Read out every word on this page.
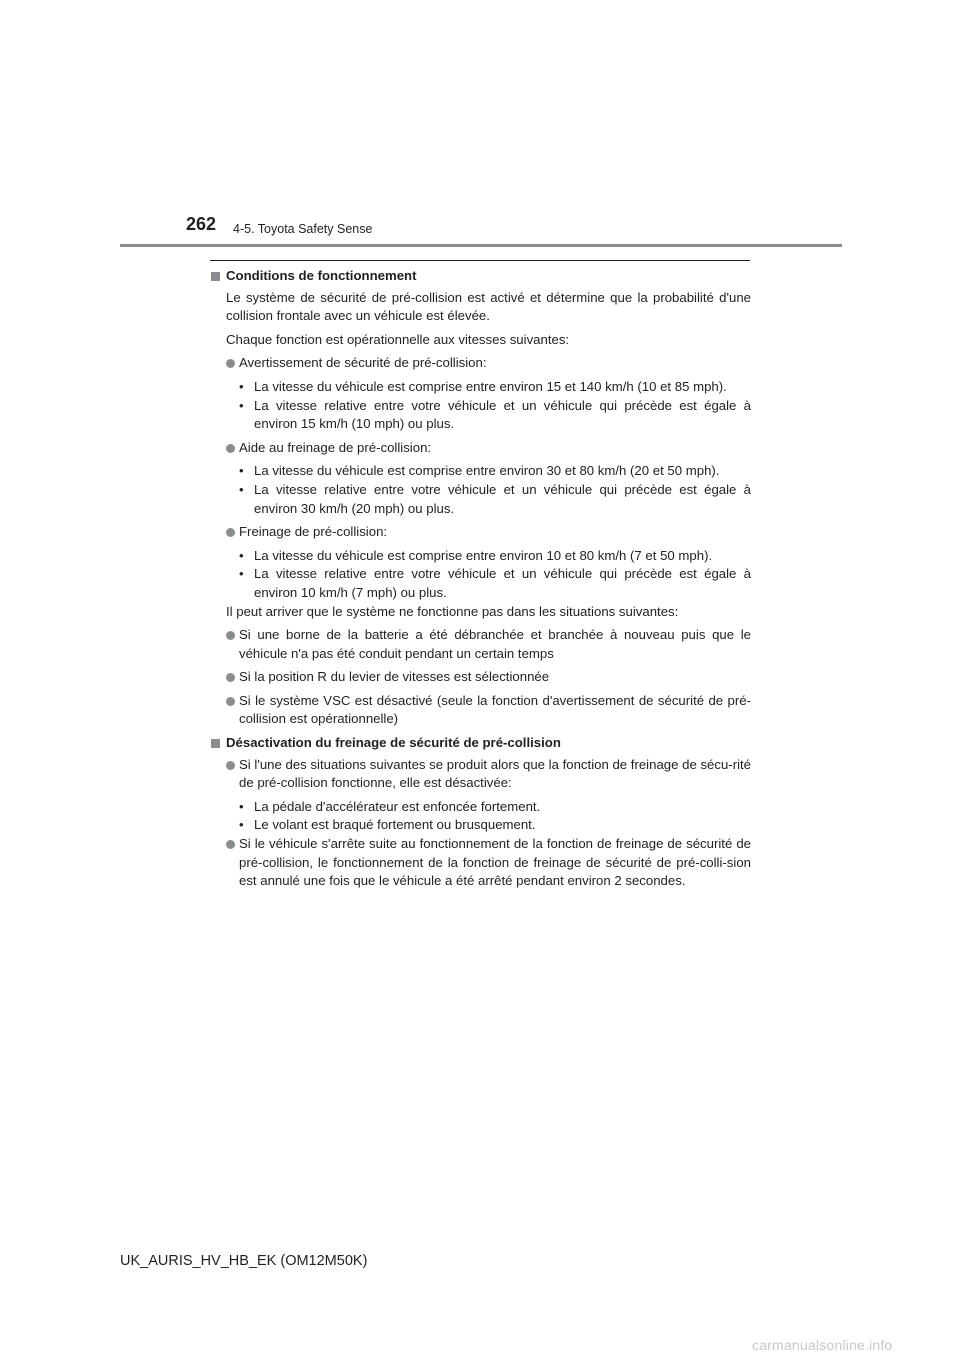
262 4-5. Toyota Safety Sense
Conditions de fonctionnement
Le système de sécurité de pré-collision est activé et détermine que la probabilité d'une collision frontale avec un véhicule est élevée.
Chaque fonction est opérationnelle aux vitesses suivantes:
Avertissement de sécurité de pré-collision:
• La vitesse du véhicule est comprise entre environ 15 et 140 km/h (10 et 85 mph).
• La vitesse relative entre votre véhicule et un véhicule qui précède est égale à environ 15 km/h (10 mph) ou plus.
Aide au freinage de pré-collision:
• La vitesse du véhicule est comprise entre environ 30 et 80 km/h (20 et 50 mph).
• La vitesse relative entre votre véhicule et un véhicule qui précède est égale à environ 30 km/h (20 mph) ou plus.
Freinage de pré-collision:
• La vitesse du véhicule est comprise entre environ 10 et 80 km/h (7 et 50 mph).
• La vitesse relative entre votre véhicule et un véhicule qui précède est égale à environ 10 km/h (7 mph) ou plus.
Il peut arriver que le système ne fonctionne pas dans les situations suivantes:
Si une borne de la batterie a été débranchée et branchée à nouveau puis que le véhicule n'a pas été conduit pendant un certain temps
Si la position R du levier de vitesses est sélectionnée
Si le système VSC est désactivé (seule la fonction d'avertissement de sécurité de pré-collision est opérationnelle)
Désactivation du freinage de sécurité de pré-collision
Si l'une des situations suivantes se produit alors que la fonction de freinage de sécu-rité de pré-collision fonctionne, elle est désactivée:
• La pédale d'accélérateur est enfoncée fortement.
• Le volant est braqué fortement ou brusquement.
Si le véhicule s'arrête suite au fonctionnement de la fonction de freinage de sécurité de pré-collision, le fonctionnement de la fonction de freinage de sécurité de pré-colli-sion est annulé une fois que le véhicule a été arrêté pendant environ 2 secondes.
UK_AURIS_HV_HB_EK (OM12M50K)
carmanualsonline.info
